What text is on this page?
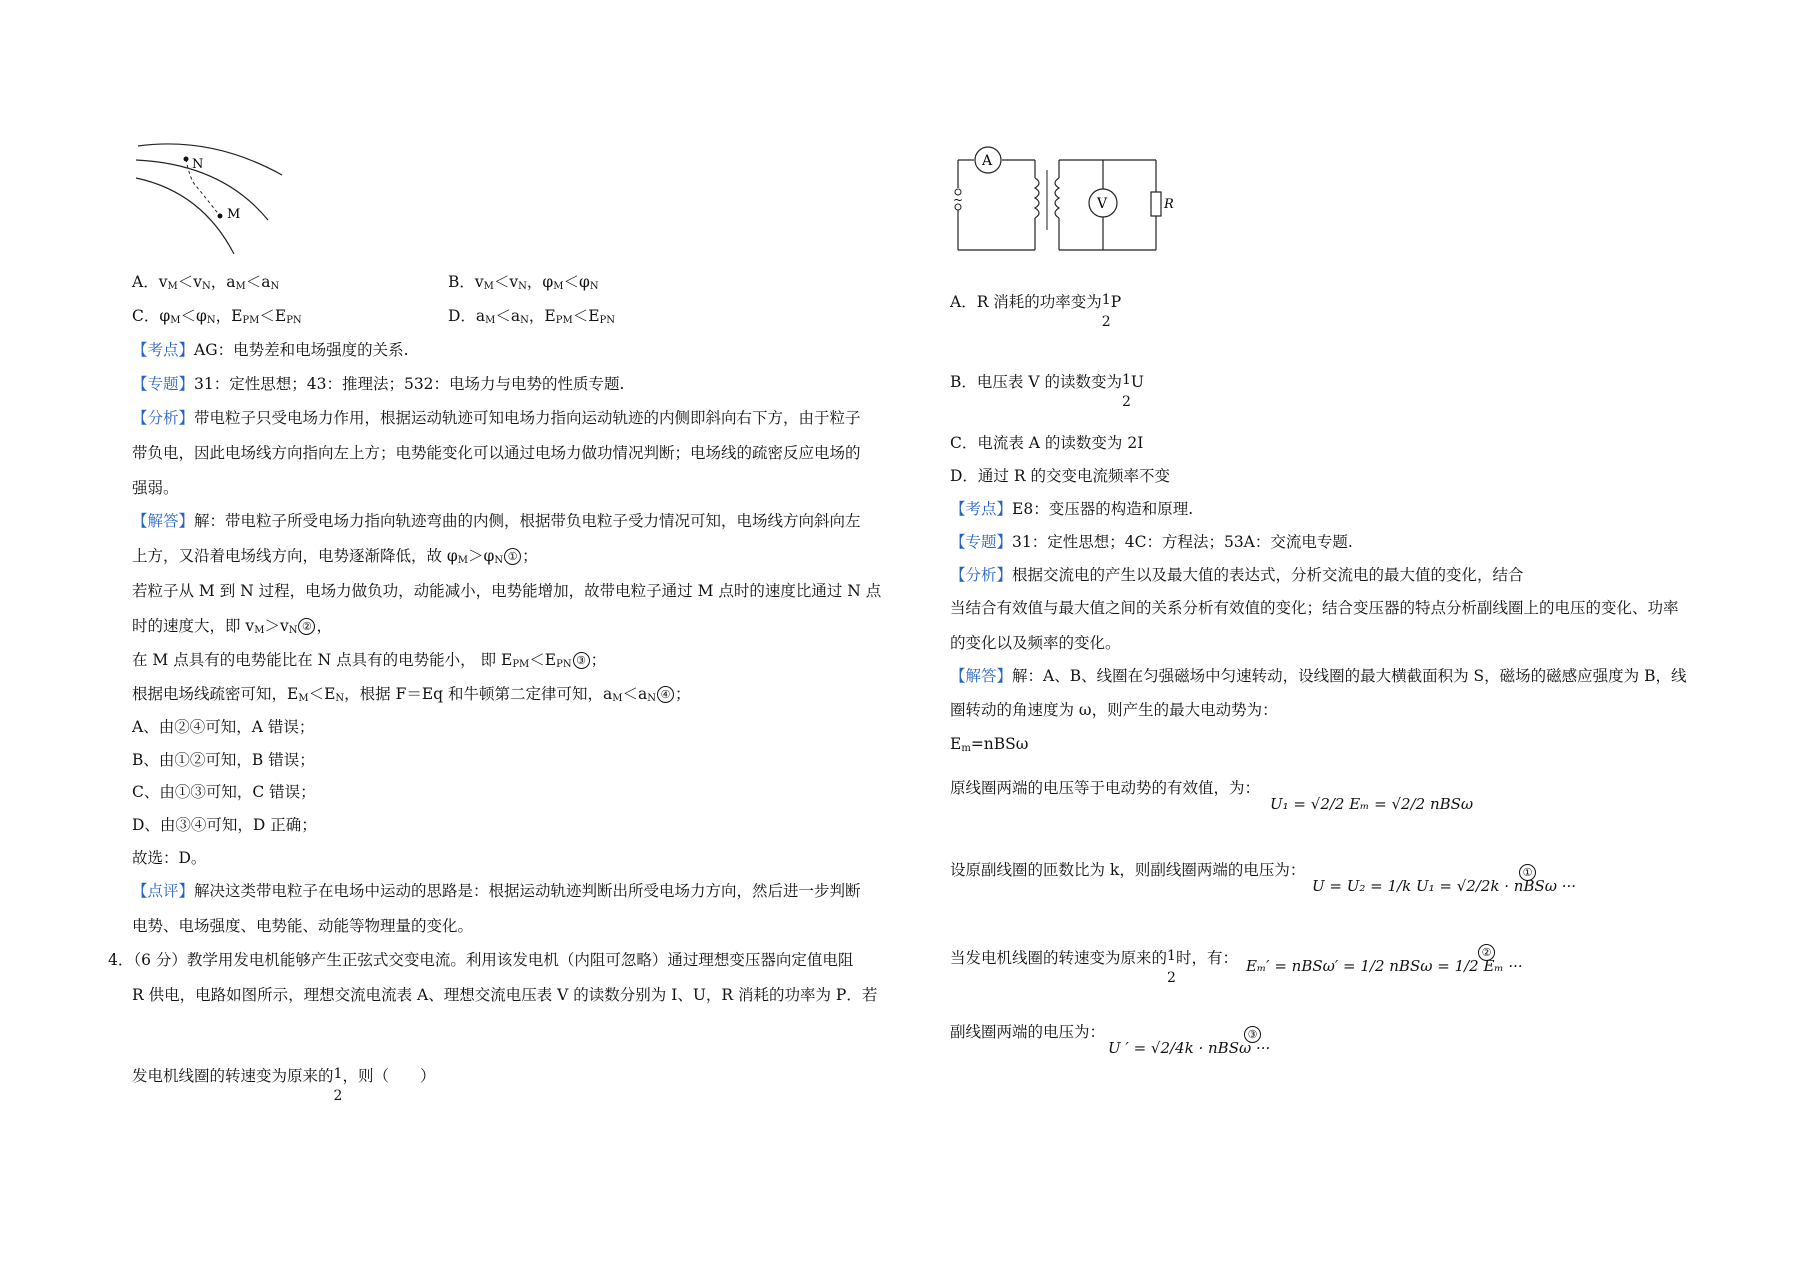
N
M
A．$v_M<v_N$，$a_M<a_N$	B．$v_M<v_N$，$\varphi_M<\varphi_N$
C．$\varphi_M<\varphi_N$，$E_{PM}<E_{PN}$	D．$a_M<a_N$，$E_{PM}<E_{PN}$
【考点】AG：电势差和电场强度的关系.
【专题】31：定性思想；43：推理法；532：电场力与电势的性质专题.
【分析】带电粒子只受电场力作用，根据运动轨迹可知电场力指向运动轨迹的内侧即斜向右下方，由于粒子
带负电，因此电场线方向指向左上方；电势能变化可以通过电场力做功情况判断；电场线的疏密反应电场的
强弱。
【解答】解：带电粒子所受电场力指向轨迹弯曲的内侧，根据带负电粒子受力情况可知，电场线方向斜向左
上方，又沿着电场线方向，电势逐渐降低，故 $\varphi_M>\varphi_N$ ① ；
若粒子从 M 到 N 过程，电场力做负功，动能减小，电势能增加，故带电粒子通过 M 点时的速度比通过 N 点
时的速度大，即 $v_M>v_N$ ② ，
在 M 点具有的电势能比在 N 点具有的电势能小， 即 $E_{PM}<E_{PN}$ ③ ；
根据电场线疏密可知，$E_M<E_N$，根据 F＝Eq 和牛顿第二定律可知，$a_M<a_N$ ④ ；
A、由②④可知，A 错误；
B、由①②可知，B 错误；
C、由①③可知，C 错误；
D、由③④可知，D 正确；
故选：D。
【点评】解决这类带电粒子在电场中运动的思路是：根据运动轨迹判断出所受电场力方向，然后进一步判断
电势、电场强度、电势能、动能等物理量的变化。
4．（6 分）教学用发电机能够产生正弦式交变电流。利用该发电机（内阻可忽略）通过理想变压器向定值电阻
R 供电，电路如图所示，理想交流电流表 A、理想交流电压表 V 的读数分别为 I、U，R 消耗的功率为 P．若
发电机线圈的转速变为原来的 1
2
，则（　　）
~
A
V	R
A．R 消耗的功率变为 1
2
P
B．电压表 V 的读数变为 1
2
U
C．电流表 A 的读数变为 2I
D．通过 R 的交变电流频率不变
【考点】E8：变压器的构造和原理.
【专题】31：定性思想；4C：方程法；53A：交流电专题.
【分析】根据交流电的产生以及最大值的表达式，分析交流电的最大值的变化，结合
当结合有效值与最大值之间的关系分析有效值的变化；结合变压器的特点分析副线圈上的电压的变化、功率
的变化以及频率的变化。
【解答】解：A、B、线圈在匀强磁场中匀速转动，设线圈的最大横截面积为 S，磁场的磁感应强度为 B，线
圈转动的角速度为 ω，则产生的最大电动势为：
$E_m=nBS\omega$
原线圈两端的电压等于电动势的有效值，为：
U₁ = √2/2 Eₘ = √2/2 nBSω
设原副线圈的匝数比为 k，则副线圈两端的电压为：
U = U₂ = 1/k U₁ = √2/2k · nBSω ···
①
当发电机线圈的转速变为原来的 1
2
时，有： Eₘ′ = nBSω′ = 1/2 nBSω = 1/2 Eₘ ···
②
副线圈两端的电压为：
U ′ = √2/4k · nBSω ···
③
